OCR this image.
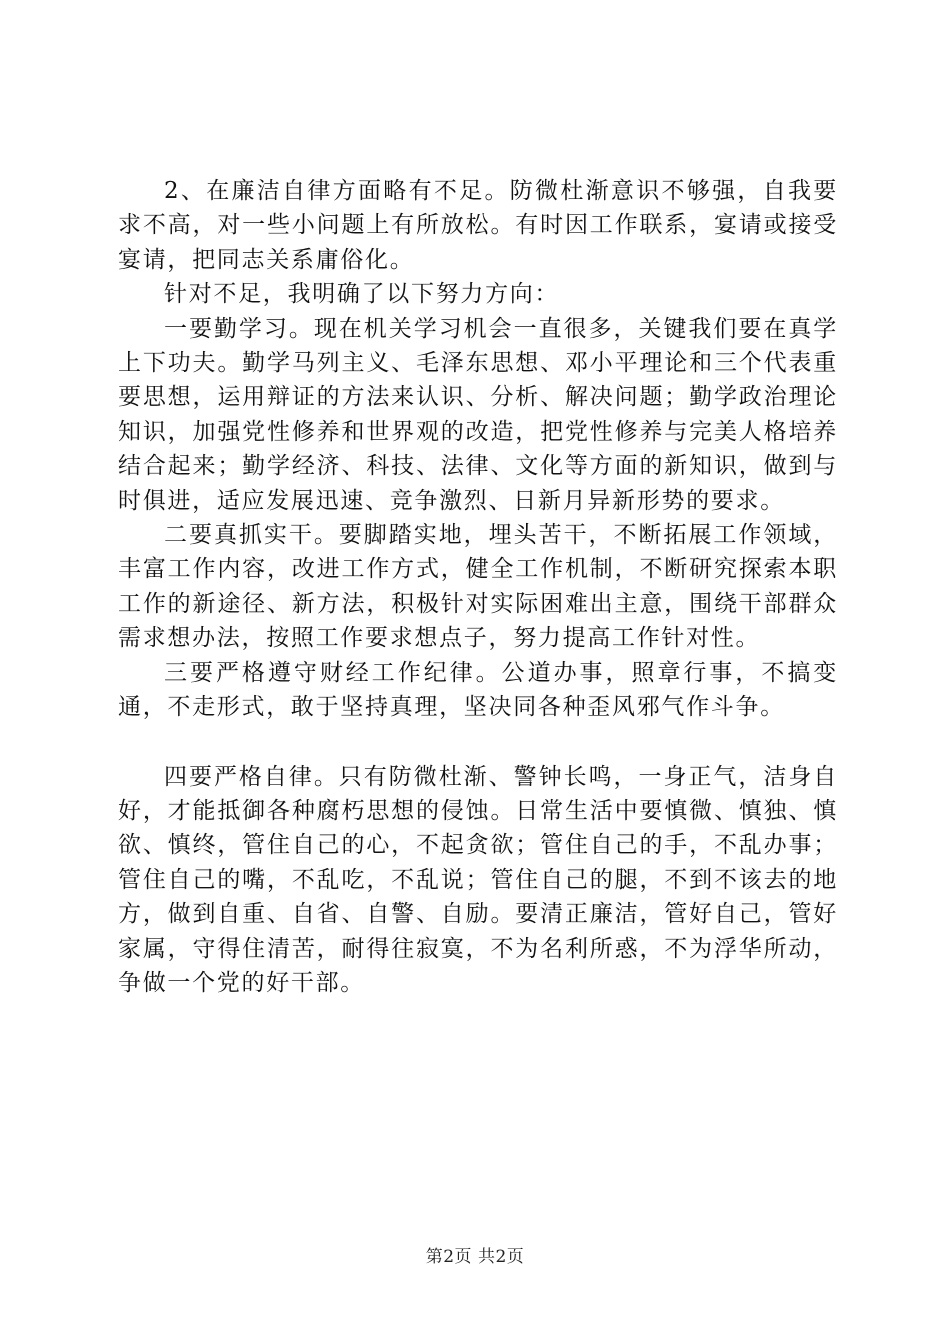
2、在廉洁自律方面略有不足。防微杜渐意识不够强，自我要求不高，对一些小问题上有所放松。有时因工作联系，宴请或接受宴请，把同志关系庸俗化。

针对不足，我明确了以下努力方向：

一要勤学习。现在机关学习机会一直很多，关键我们要在真学上下功夫。勤学马列主义、毛泽东思想、邓小平理论和三个代表重要思想，运用辩证的方法来认识、分析、解决问题；勤学政治理论知识，加强党性修养和世界观的改造，把党性修养与完美人格培养结合起来；勤学经济、科技、法律、文化等方面的新知识，做到与时俱进，适应发展迅速、竞争激烈、日新月异新形势的要求。

二要真抓实干。要脚踏实地，埋头苦干，不断拓展工作领域，丰富工作内容，改进工作方式，健全工作机制，不断研究探索本职工作的新途径、新方法，积极针对实际困难出主意，围绕干部群众需求想办法，按照工作要求想点子，努力提高工作针对性。

三要严格遵守财经工作纪律。公道办事，照章行事，不搞变通，不走形式，敢于坚持真理，坚决同各种歪风邪气作斗争。

四要严格自律。只有防微杜渐、警钟长鸣，一身正气，洁身自好，才能抵御各种腐朽思想的侵蚀。日常生活中要慎微、慎独、慎欲、慎终，管住自己的心，不起贪欲；管住自己的手，不乱办事；管住自己的嘴，不乱吃，不乱说；管住自己的腿，不到不该去的地方，做到自重、自省、自警、自励。要清正廉洁，管好自己，管好家属，守得住清苦，耐得往寂寞，不为名利所惑，不为浮华所动，争做一个党的好干部。

第2页 共2页
